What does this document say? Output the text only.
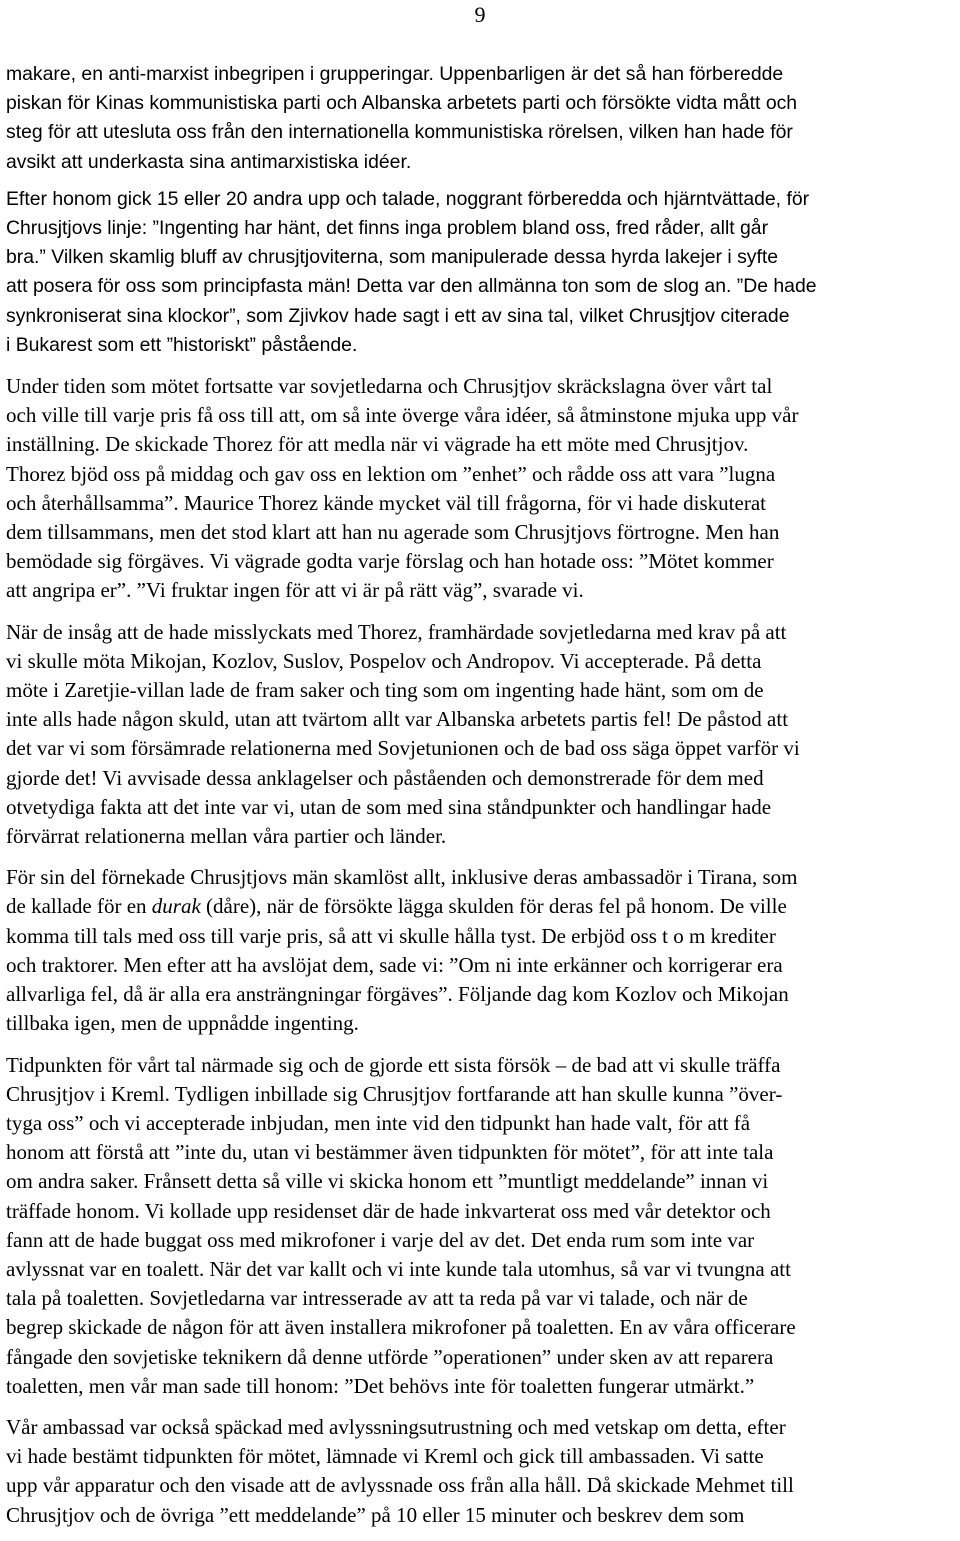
9
makare, en anti-marxist inbegripen i grupperingar. Uppenbarligen är det så han förberedde
piskan för Kinas kommunistiska parti och Albanska arbetets parti och försökte vidta mått och
steg för att utesluta oss från den internationella kommunistiska rörelsen, vilken han hade för
avsikt att underkasta sina antimarxistiska idéer.
Efter honom gick 15 eller 20 andra upp och talade, noggrant förberedda och hjärntvättade, för
Chrusjtjovs linje: ”Ingenting har hänt, det finns inga problem bland oss, fred råder, allt går
bra.” Vilken skamlig bluff av chrusjtjoviterna, som manipulerade dessa hyrda lakejer i syfte
att posera för oss som principfasta män! Detta var den allmänna ton som de slog an. ”De hade
synkroniserat sina klockor”, som Zjivkov hade sagt i ett av sina tal, vilket Chrusjtjov citerade
i Bukarest som ett ”historiskt” påstående.
Under tiden som mötet fortsatte var sovjetledarna och Chrusjtjov skräckslagna över vårt tal
och ville till varje pris få oss till att, om så inte överge våra idéer, så åtminstone mjuka upp vår
inställning. De skickade Thorez för att medla när vi vägrade ha ett möte med Chrusjtjov.
Thorez bjöd oss på middag och gav oss en lektion om ”enhet” och rådde oss att vara ”lugna
och återhållsamma”. Maurice Thorez kände mycket väl till frågorna, för vi hade diskuterat
dem tillsammans, men det stod klart att han nu agerade som Chrusjtjovs förtrogne. Men han
bemödade sig förgäves. Vi vägrade godta varje förslag och han hotade oss: ”Mötet kommer
att angripa er”. ”Vi fruktar ingen för att vi är på rätt väg”, svarade vi.
När de insåg att de hade misslyckats med Thorez, framhärdade sovjetledarna med krav på att
vi skulle möta Mikojan, Kozlov, Suslov, Pospelov och Andropov. Vi accepterade. På detta
möte i Zaretjie-villan lade de fram saker och ting som om ingenting hade hänt, som om de
inte alls hade någon skuld, utan att tvärtom allt var Albanska arbetets partis fel! De påstod att
det var vi som försämrade relationerna med Sovjetunionen och de bad oss säga öppet varför vi
gjorde det! Vi avvisade dessa anklagelser och påståenden och demonstrerade för dem med
otvetydiga fakta att det inte var vi, utan de som med sina ståndpunkter och handlingar hade
förvärrat relationerna mellan våra partier och länder.
För sin del förnekade Chrusjtjovs män skamlöst allt, inklusive deras ambassadör i Tirana, som
de kallade för en durak (dåre), när de försökte lägga skulden för deras fel på honom. De ville
komma till tals med oss till varje pris, så att vi skulle hålla tyst. De erbjöd oss t o m krediter
och traktorer. Men efter att ha avslöjat dem, sade vi: ”Om ni inte erkänner och korrigerar era
allvarliga fel, då är alla era ansträngningar förgäves”. Följande dag kom Kozlov och Mikojan
tillbaka igen, men de uppnådde ingenting.
Tidpunkten för vårt tal närmade sig och de gjorde ett sista försök – de bad att vi skulle träffa
Chrusjtjov i Kreml. Tydligen inbillade sig Chrusjtjov fortfarande att han skulle kunna ”över-
tyga oss” och vi accepterade inbjudan, men inte vid den tidpunkt han hade valt, för att få
honom att förstå att ”inte du, utan vi bestämmer även tidpunkten för mötet”, för att inte tala
om andra saker. Frånsett detta så ville vi skicka honom ett ”muntligt meddelande” innan vi
träffade honom. Vi kollade upp residenset där de hade inkvarterat oss med vår detektor och
fann att de hade buggat oss med mikrofoner i varje del av det. Det enda rum som inte var
avlyssnat var en toalett. När det var kallt och vi inte kunde tala utomhus, så var vi tvungna att
tala på toaletten. Sovjetledarna var intresserade av att ta reda på var vi talade, och när de
begrep skickade de någon för att även installera mikrofoner på toaletten. En av våra officerare
fångade den sovjetiske teknikern då denne utförde ”operationen” under sken av att reparera
toaletten, men vår man sade till honom: ”Det behövs inte för toaletten fungerar utmärkt.”
Vår ambassad var också späckad med avlyssningsutrustning och med vetskap om detta, efter
vi hade bestämt tidpunkten för mötet, lämnade vi Kreml och gick till ambassaden. Vi satte
upp vår apparatur och den visade att de avlyssnade oss från alla håll. Då skickade Mehmet till
Chrusjtjov och de övriga ”ett meddelande” på 10 eller 15 minuter och beskrev dem som
